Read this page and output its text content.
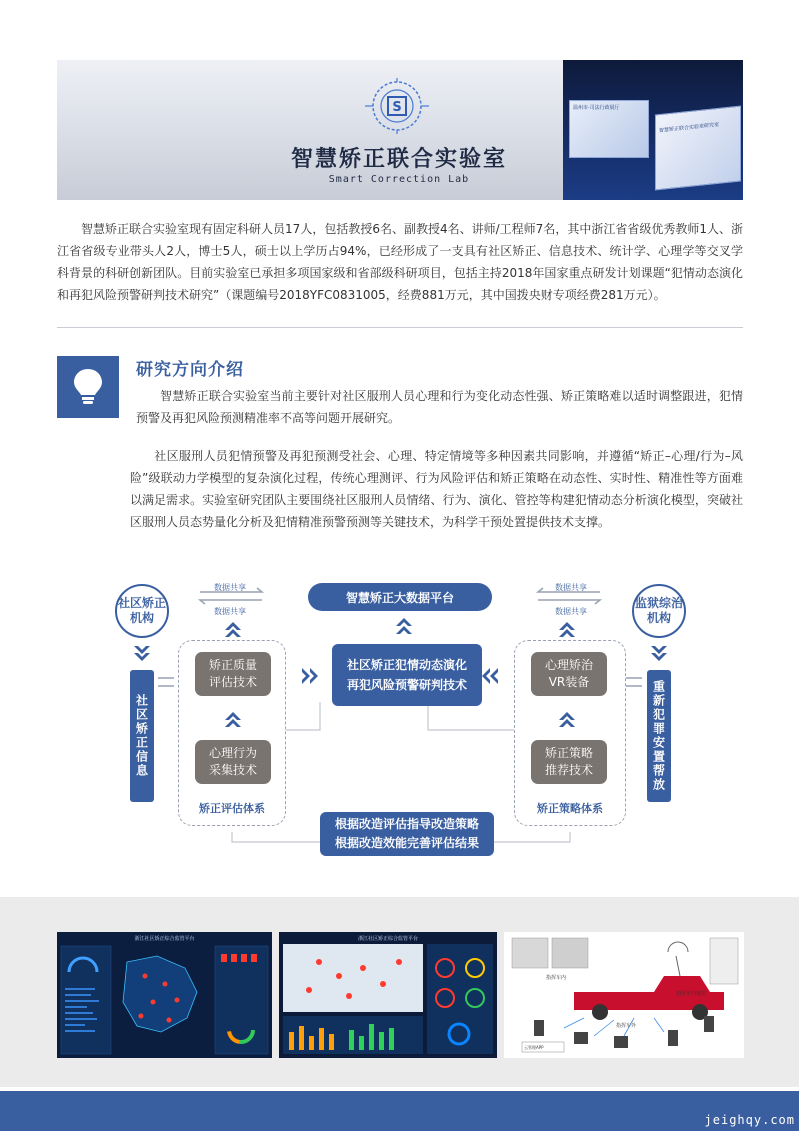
S
智慧矫正联合实验室
Smart Correction Lab
温州市·司法行政展厅
智慧矫正联合实验室研究室
智慧矫正联合实验室现有固定科研人员17人，包括教授6名、副教授4名、讲师/工程师7名，其中浙江省省级优秀教师1人、浙江省省级专业带头人2人，博士5人，硕士以上学历占94%，已经形成了一支具有社区矫正、信息技术、统计学、心理学等交叉学科背景的科研创新团队。目前实验室已承担多项国家级和省部级科研项目，包括主持2018年国家重点研发计划课题“犯情动态演化和再犯风险预警研判技术研究”（课题编号2018YFC0831005，经费881万元，其中国拨央财专项经费281万元）。
研究方向介绍
智慧矫正联合实验室当前主要针对社区服刑人员心理和行为变化动态性强、矫正策略难以适时调整跟进，犯情预警及再犯风险预测精准率不高等问题开展研究。
社区服刑人员犯情预警及再犯预测受社会、心理、特定情境等多种因素共同影响，并遵循“矫正–心理/行为–风险”级联动力学模型的复杂演化过程，传统心理测评、行为风险评估和矫正策略在动态性、实时性、精准性等方面难以满足需求。实验室研究团队主要围绕社区服刑人员情绪、行为、演化、管控等构建犯情动态分析演化模型，突破社区服刑人员态势量化分析及犯情精准预警预测等关键技术，为科学干预处置提供技术支撑。
社区矫正机构
监狱综治机构
社区矫正信息	重新犯罪安置帮放
数据共享
数据共享
数据共享
数据共享
智慧矫正大数据平台
社区矫正犯情动态演化
再犯风险预警研判技术
矫正质量
评估技术
心理行为
采集技术
心理矫治
VR装备
矫正策略
推荐技术
矫正评估体系	矫正策略体系
根据改造评估指导改造策略
根据改造效能完善评估结果
浙江社区矫正综合监管平台	浙江社区矫正综合监管平台
指挥车内
指挥车外
指挥车内视图
云管理APP
jeighqy.com
